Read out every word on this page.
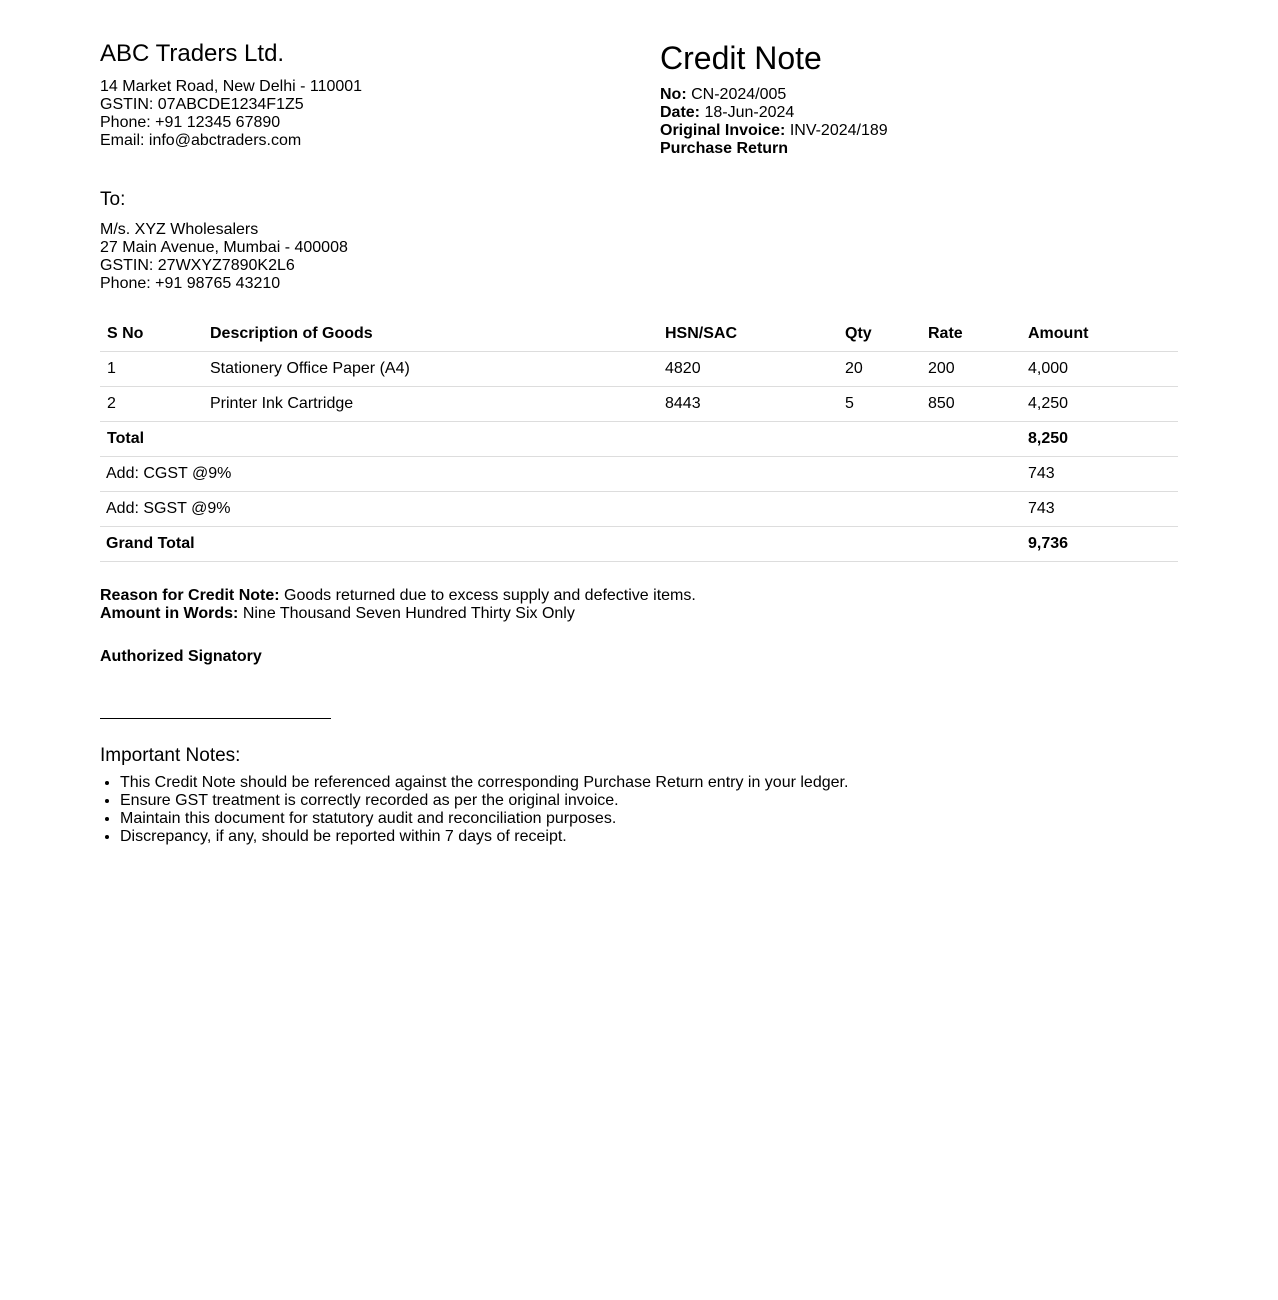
ABC Traders Ltd.
14 Market Road, New Delhi - 110001
GSTIN: 07ABCDE1234F1Z5
Phone: +91 12345 67890
Email: info@abctraders.com
Credit Note
No: CN-2024/005
Date: 18-Jun-2024
Original Invoice: INV-2024/189
Purchase Return
To:
M/s. XYZ Wholesalers
27 Main Avenue, Mumbai - 400008
GSTIN: 27WXYZ7890K2L6
Phone: +91 98765 43210
S No	Description of Goods	HSN/SAC	Qty	Rate	Amount
1	Stationery Office Paper (A4)	4820	20	200	4,000
2	Printer Ink Cartridge	8443	5	850	4,250
Total					8,250
Add: CGST @9%					743
Add: SGST @9%					743
Grand Total					9,736
Reason for Credit Note: Goods returned due to excess supply and defective items.
Amount in Words: Nine Thousand Seven Hundred Thirty Six Only
Authorized Signatory
Important Notes:
• This Credit Note should be referenced against the corresponding Purchase Return entry in your ledger.
• Ensure GST treatment is correctly recorded as per the original invoice.
• Maintain this document for statutory audit and reconciliation purposes.
• Discrepancy, if any, should be reported within 7 days of receipt.
